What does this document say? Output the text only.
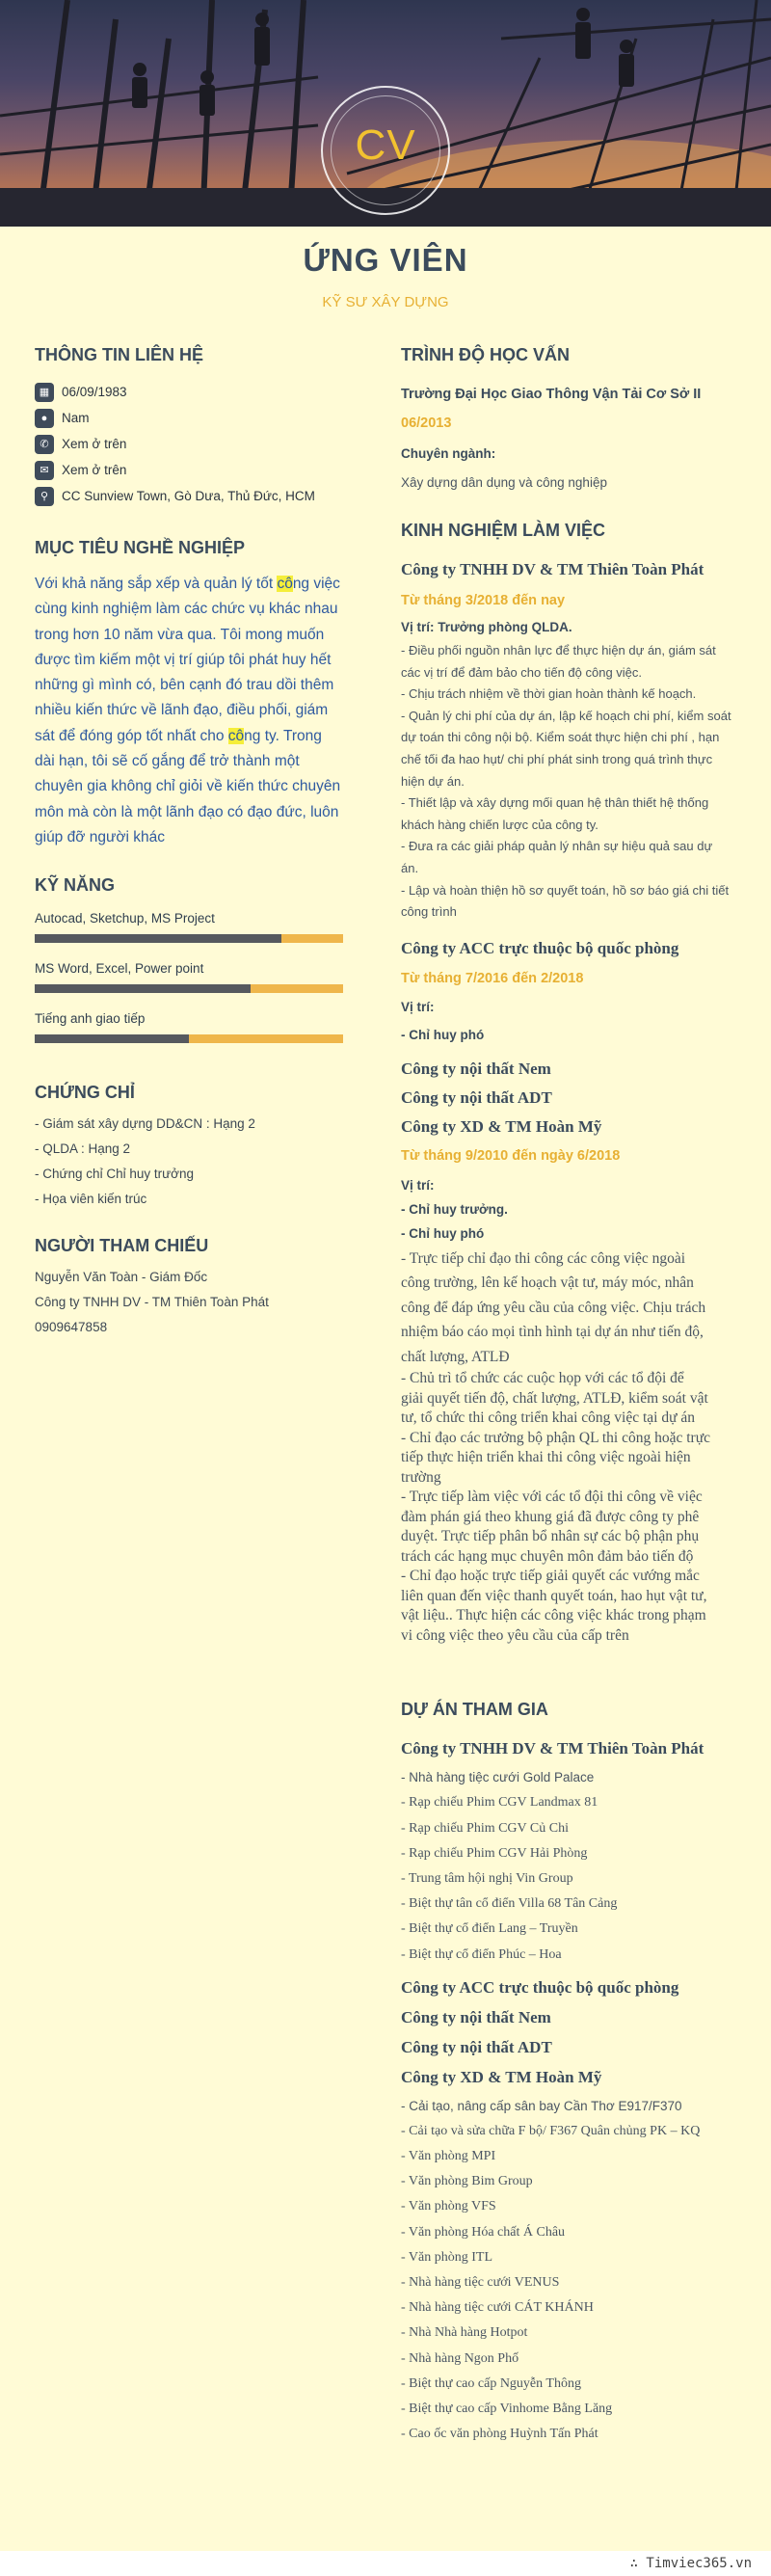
CV
ỨNG VIÊN
KỸ SƯ XÂY DỰNG
THÔNG TIN LIÊN HỆ
▦ 06/09/1983
●	Nam
✆ Xem ở trên
✉ Xem ở trên
⚲	CC Sunview Town, Gò Dưa, Thủ Đức, HCM
MỤC TIÊU NGHỀ NGHIỆP
Với khả năng sắp xếp và quản lý tốt công việc cùng kinh nghiệm làm các chức vụ khác nhau trong hơn 10 năm vừa qua. Tôi mong muốn được tìm kiếm một vị trí giúp tôi phát huy hết những gì mình có, bên cạnh đó trau dồi thêm nhiều kiến thức về lãnh đạo, điều phối, giám sát để đóng góp tốt nhất cho công ty. Trong dài hạn, tôi sẽ cố gắng để trở thành một chuyên gia không chỉ giỏi về kiến thức chuyên môn mà còn là một lãnh đạo có đạo đức, luôn giúp đỡ người khác
KỸ NĂNG
Autocad, Sketchup, MS Project
MS Word, Excel, Power point
Tiếng anh giao tiếp
CHỨNG CHỈ
- Giám sát xây dựng DD&CN : Hạng 2
- QLDA : Hạng 2
- Chứng chỉ Chỉ huy trưởng
- Họa viên kiến trúc
NGƯỜI THAM CHIẾU
Nguyễn Văn Toàn - Giám Đốc
Công ty TNHH DV - TM Thiên Toàn Phát
0909647858
TRÌNH ĐỘ HỌC VẤN
Trường Đại Học Giao Thông Vận Tải Cơ Sở II
06/2013
Chuyên ngành:
Xây dựng dân dụng và công nghiệp
KINH NGHIỆM LÀM VIỆC
Công ty TNHH DV & TM Thiên Toàn Phát
Từ tháng 3/2018 đến nay
Vị trí: Trưởng phòng QLDA.
- Điều phối nguồn nhân lực để thực hiện dự án, giám sát
các vị trí để đảm bảo cho tiến độ công việc.
- Chịu trách nhiệm về thời gian hoàn thành kế hoạch.
- Quản lý chi phí của dự án, lập kế hoạch chi phí, kiểm soát
dự toán thi công nội bộ. Kiểm soát thực hiện chi phí , hạn
chế tối đa hao hụt/ chi phí phát sinh trong quá trình thực
hiện dự án.
- Thiết lập và xây dựng mối quan hệ thân thiết hệ thống
khách hàng chiến lược của công ty.
- Đưa ra các giải pháp quản lý nhân sự hiệu quả sau dự
án.
- Lập và hoàn thiện hồ sơ quyết toán, hồ sơ báo giá chi tiết
công trình
Công ty ACC trực thuộc bộ quốc phòng
Từ tháng 7/2016 đến 2/2018
Vị trí:
- Chỉ huy phó
Công ty nội thất Nem
Công ty nội thất ADT
Công ty XD & TM Hoàn Mỹ
Từ tháng 9/2010 đến ngày 6/2018
Vị trí:
- Chỉ huy trưởng.
- Chỉ huy phó
- Trực tiếp chỉ đạo thi công các công việc ngoài
công trường, lên kế hoạch vật tư, máy móc, nhân
công để đáp ứng yêu cầu của công việc. Chịu trách
nhiệm báo cáo mọi tình hình tại dự án như tiến độ,
chất lượng, ATLĐ
- Chủ trì tổ chức các cuộc họp với các tổ đội để
giải quyết tiến độ, chất lượng, ATLĐ, kiểm soát vật
tư, tổ chức thi công triển khai công việc tại dự án
- Chỉ đạo các trưởng bộ phận QL thi công hoặc trực
tiếp thực hiện triển khai thi công việc ngoài hiện
trường
- Trực tiếp làm việc với các tổ đội thi công về việc
đàm phán giá theo khung giá đã được công ty phê
duyệt. Trực tiếp phân bổ nhân sự các bộ phận phụ
trách các hạng mục chuyên môn đảm bảo tiến độ
- Chỉ đạo hoặc trực tiếp giải quyết các vướng mắc
liên quan đến việc thanh quyết toán, hao hụt vật tư,
vật liệu.. Thực hiện các công việc khác trong phạm
vi công việc theo yêu cầu của cấp trên
DỰ ÁN THAM GIA
Công ty TNHH DV & TM Thiên Toàn Phát
- Nhà hàng tiệc cưới Gold Palace
- Rạp chiếu Phim CGV Landmax 81
- Rạp chiếu Phim CGV Củ Chi
- Rạp chiếu Phim CGV Hải Phòng
- Trung tâm hội nghị Vin Group
- Biệt thự tân cổ điển Villa 68 Tân Cảng
- Biệt thự cổ điển Lang – Truyền
- Biệt thự cổ điển Phúc – Hoa
Công ty ACC trực thuộc bộ quốc phòng
Công ty nội thất Nem
Công ty nội thất ADT
Công ty XD & TM Hoàn Mỹ
- Cải tạo, nâng cấp sân bay Cần Thơ E917/F370
- Cải tạo và sửa chữa F bộ/ F367 Quân chủng PK – KQ
- Văn phòng MPI
- Văn phòng Bim Group
- Văn phòng VFS
- Văn phòng Hóa chất Á Châu
- Văn phòng ITL
- Nhà hàng tiệc cưới VENUS
- Nhà hàng tiệc cưới CÁT KHÁNH
- Nhà Nhà hàng Hotpot
- Nhà hàng Ngon Phố
- Biệt thự cao cấp Nguyễn Thông
- Biệt thự cao cấp Vinhome Bằng Lăng
- Cao ốc văn phòng Huỳnh Tấn Phát
∴ Timviec365.vn
